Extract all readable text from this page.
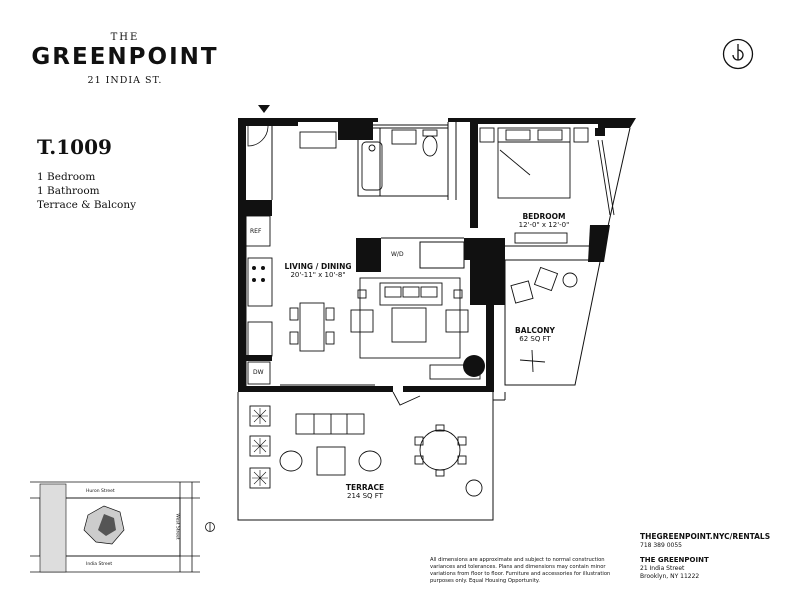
THE
GREENPOINT
21 INDIA ST.
T.1009
1 Bedroom
1 Bathroom
Terrace & Balcony
REF
W/D
DW
BEDROOM
12'-0" x 12'-0"
LIVING / DINING
20'-11" x 10'-8"
BALCONY
62 SQ FT
TERRACE
214 SQ FT
Huron Street
India Street
West Street
All dimensions are approximate and subject to normal construction variances and tolerances. Plans and dimensions may contain minor variations from floor to floor. Furniture and accessories for illustration purposes only. Equal Housing Opportunity.
THEGREENPOINT.NYC/RENTALS
718 389 0055
THE GREENPOINT
21 India Street
Brooklyn, NY 11222
